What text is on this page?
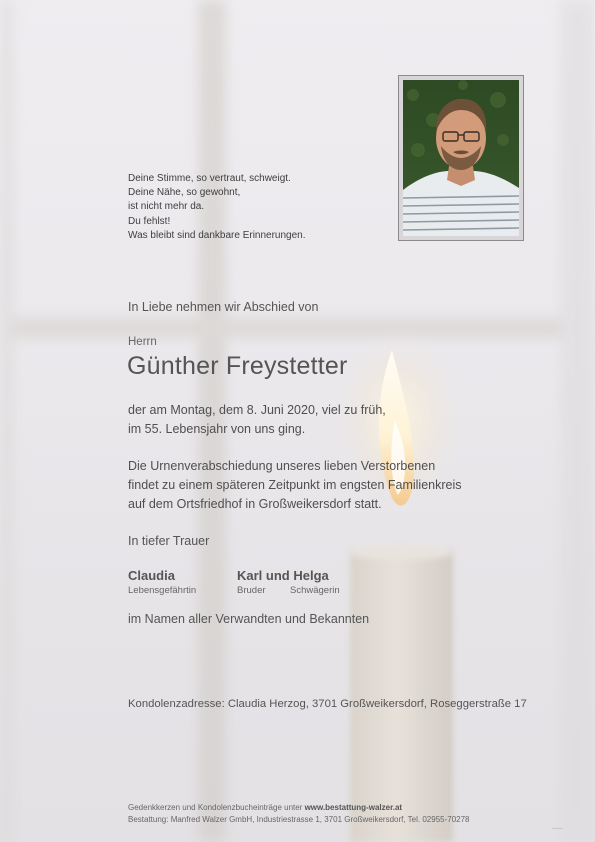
Deine Stimme, so vertraut, schweigt.
Deine Nähe, so gewohnt,
ist nicht mehr da.
Du fehlst!
Was bleibt sind dankbare Erinnerungen.
In Liebe nehmen wir Abschied von
Herrn
Günther Freystetter
der am Montag, dem 8. Juni 2020, viel zu früh,
im 55. Lebensjahr von uns ging.
Die Urnenverabschiedung unseres lieben Verstorbenen
findet zu einem späteren Zeitpunkt im engsten Familienkreis
auf dem Ortsfriedhof in Großweikersdorf statt.
In tiefer Trauer
Claudia
Lebensgefährtin
Karl und Helga
Bruder	Schwägerin
im Namen aller Verwandten und Bekannten
Kondolenzadresse: Claudia Herzog, 3701 Großweikersdorf, Roseggerstraße 17
Gedenkkerzen und Kondolenzbucheinträge unter www.bestattung-walzer.at
Bestattung: Manfred Walzer GmbH, Industriestrasse 1, 3701 Großweikersdorf, Tel. 02955-70278
▪▪▪▪▪▪
